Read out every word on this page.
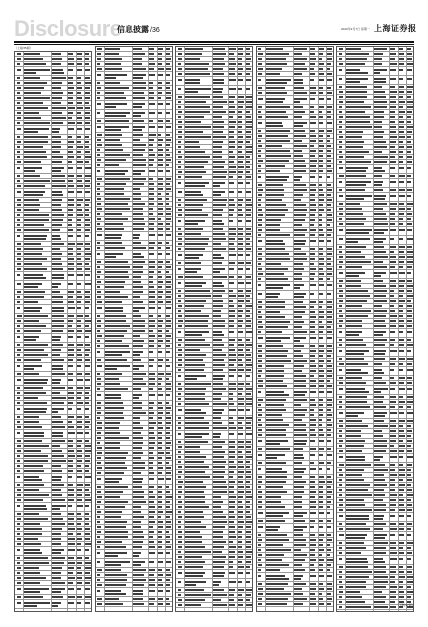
Disclosure
信息披露/36	2020年9月7日 星期一 上海证券报
（上接35版）
（下转37版）
